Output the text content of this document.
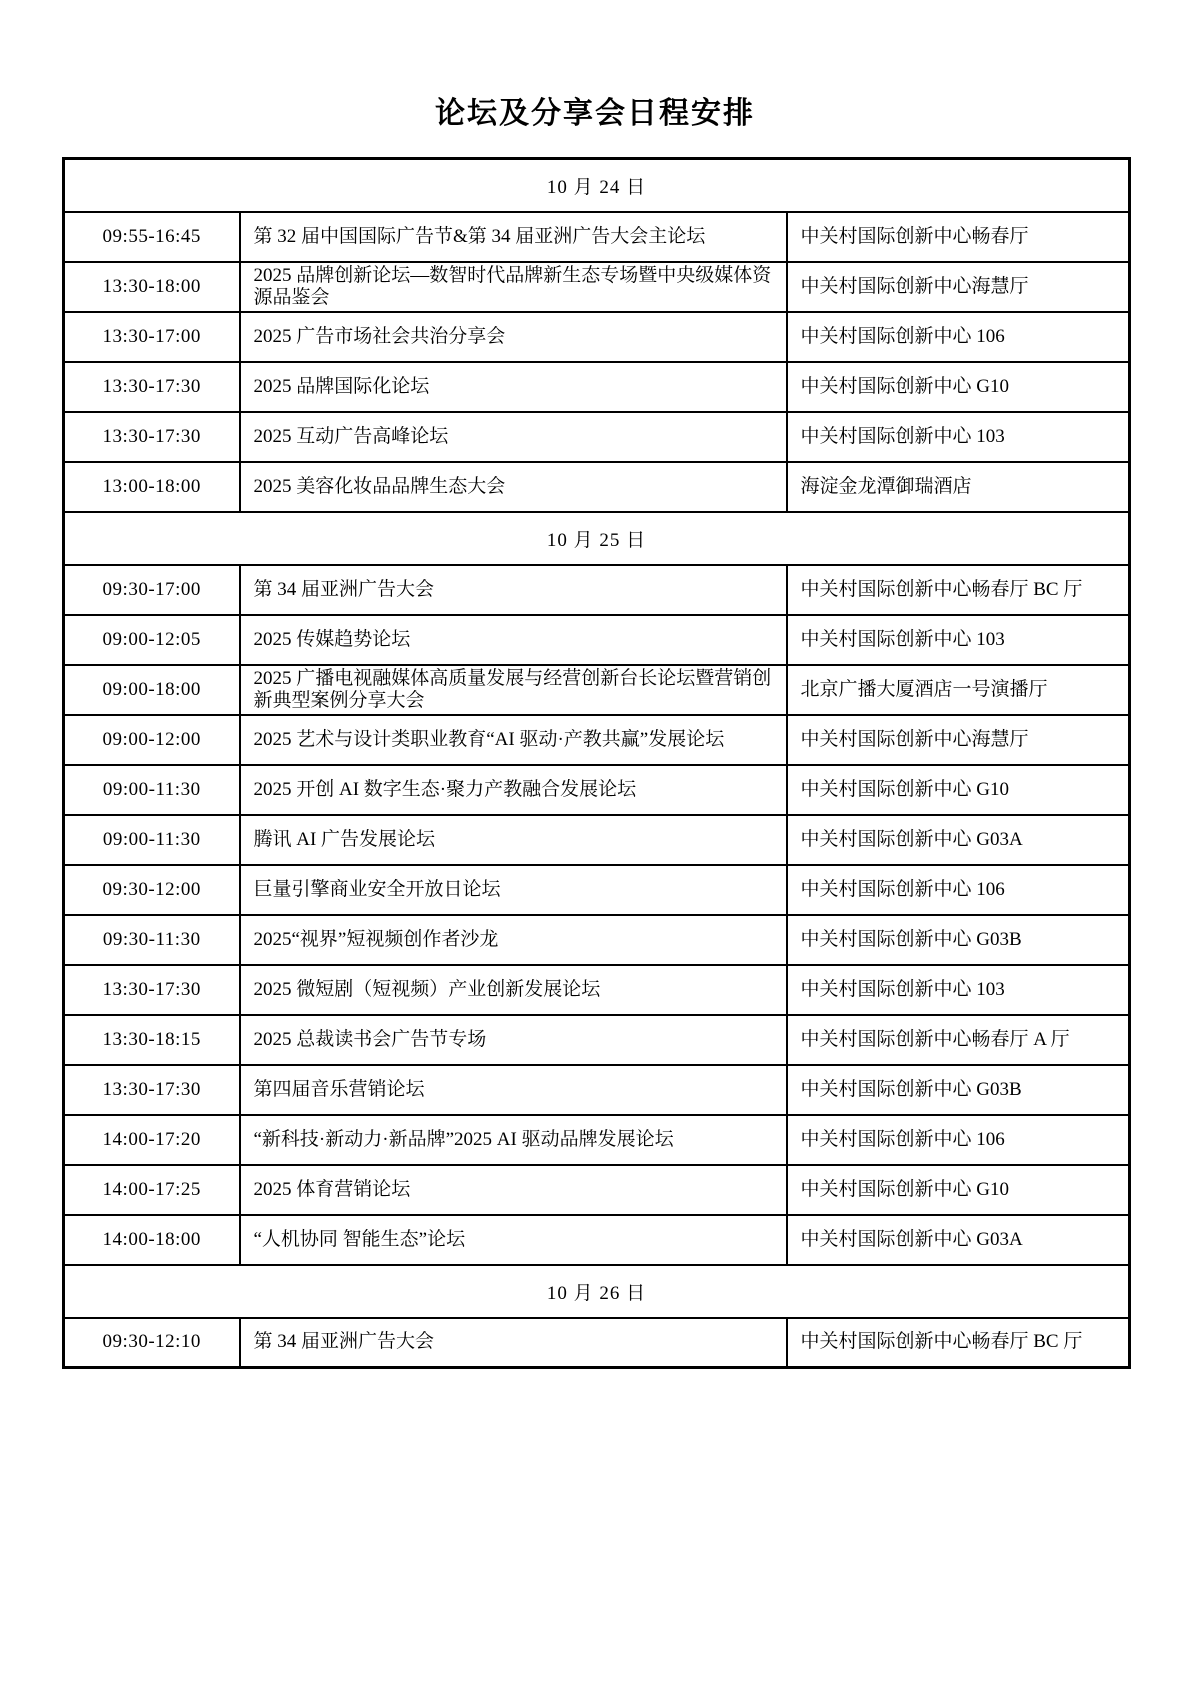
论坛及分享会日程安排
10 月 24 日		
09:55-16:45	第 32 届中国国际广告节&第 34 届亚洲广告大会主论坛	中关村国际创新中心畅春厅
13:30-18:00	2025 品牌创新论坛—数智时代品牌新生态专场暨中央级媒体资源品鉴会	中关村国际创新中心海慧厅
13:30-17:00	2025 广告市场社会共治分享会	中关村国际创新中心 106
13:30-17:30	2025 品牌国际化论坛	中关村国际创新中心 G10
13:30-17:30	2025 互动广告高峰论坛	中关村国际创新中心 103
13:00-18:00	2025 美容化妆品品牌生态大会	海淀金龙潭御瑞酒店
10 月 25 日		
09:30-17:00	第 34 届亚洲广告大会	中关村国际创新中心畅春厅 BC 厅
09:00-12:05	2025 传媒趋势论坛	中关村国际创新中心 103
09:00-18:00	2025 广播电视融媒体高质量发展与经营创新台长论坛暨营销创新典型案例分享大会	北京广播大厦酒店一号演播厅
09:00-12:00	2025 艺术与设计类职业教育“AI 驱动·产教共赢”发展论坛	中关村国际创新中心海慧厅
09:00-11:30	2025 开创 AI 数字生态·聚力产教融合发展论坛	中关村国际创新中心 G10
09:00-11:30	腾讯 AI 广告发展论坛	中关村国际创新中心 G03A
09:30-12:00	巨量引擎商业安全开放日论坛	中关村国际创新中心 106
09:30-11:30	2025“视界”短视频创作者沙龙	中关村国际创新中心 G03B
13:30-17:30	2025 微短剧（短视频）产业创新发展论坛	中关村国际创新中心 103
13:30-18:15	2025 总裁读书会广告节专场	中关村国际创新中心畅春厅 A 厅
13:30-17:30	第四届音乐营销论坛	中关村国际创新中心 G03B
14:00-17:20	“新科技·新动力·新品牌”2025 AI 驱动品牌发展论坛	中关村国际创新中心 106
14:00-17:25	2025 体育营销论坛	中关村国际创新中心 G10
14:00-18:00	“人机协同 智能生态”论坛	中关村国际创新中心 G03A
10 月 26 日		
09:30-12:10	第 34 届亚洲广告大会	中关村国际创新中心畅春厅 BC 厅
